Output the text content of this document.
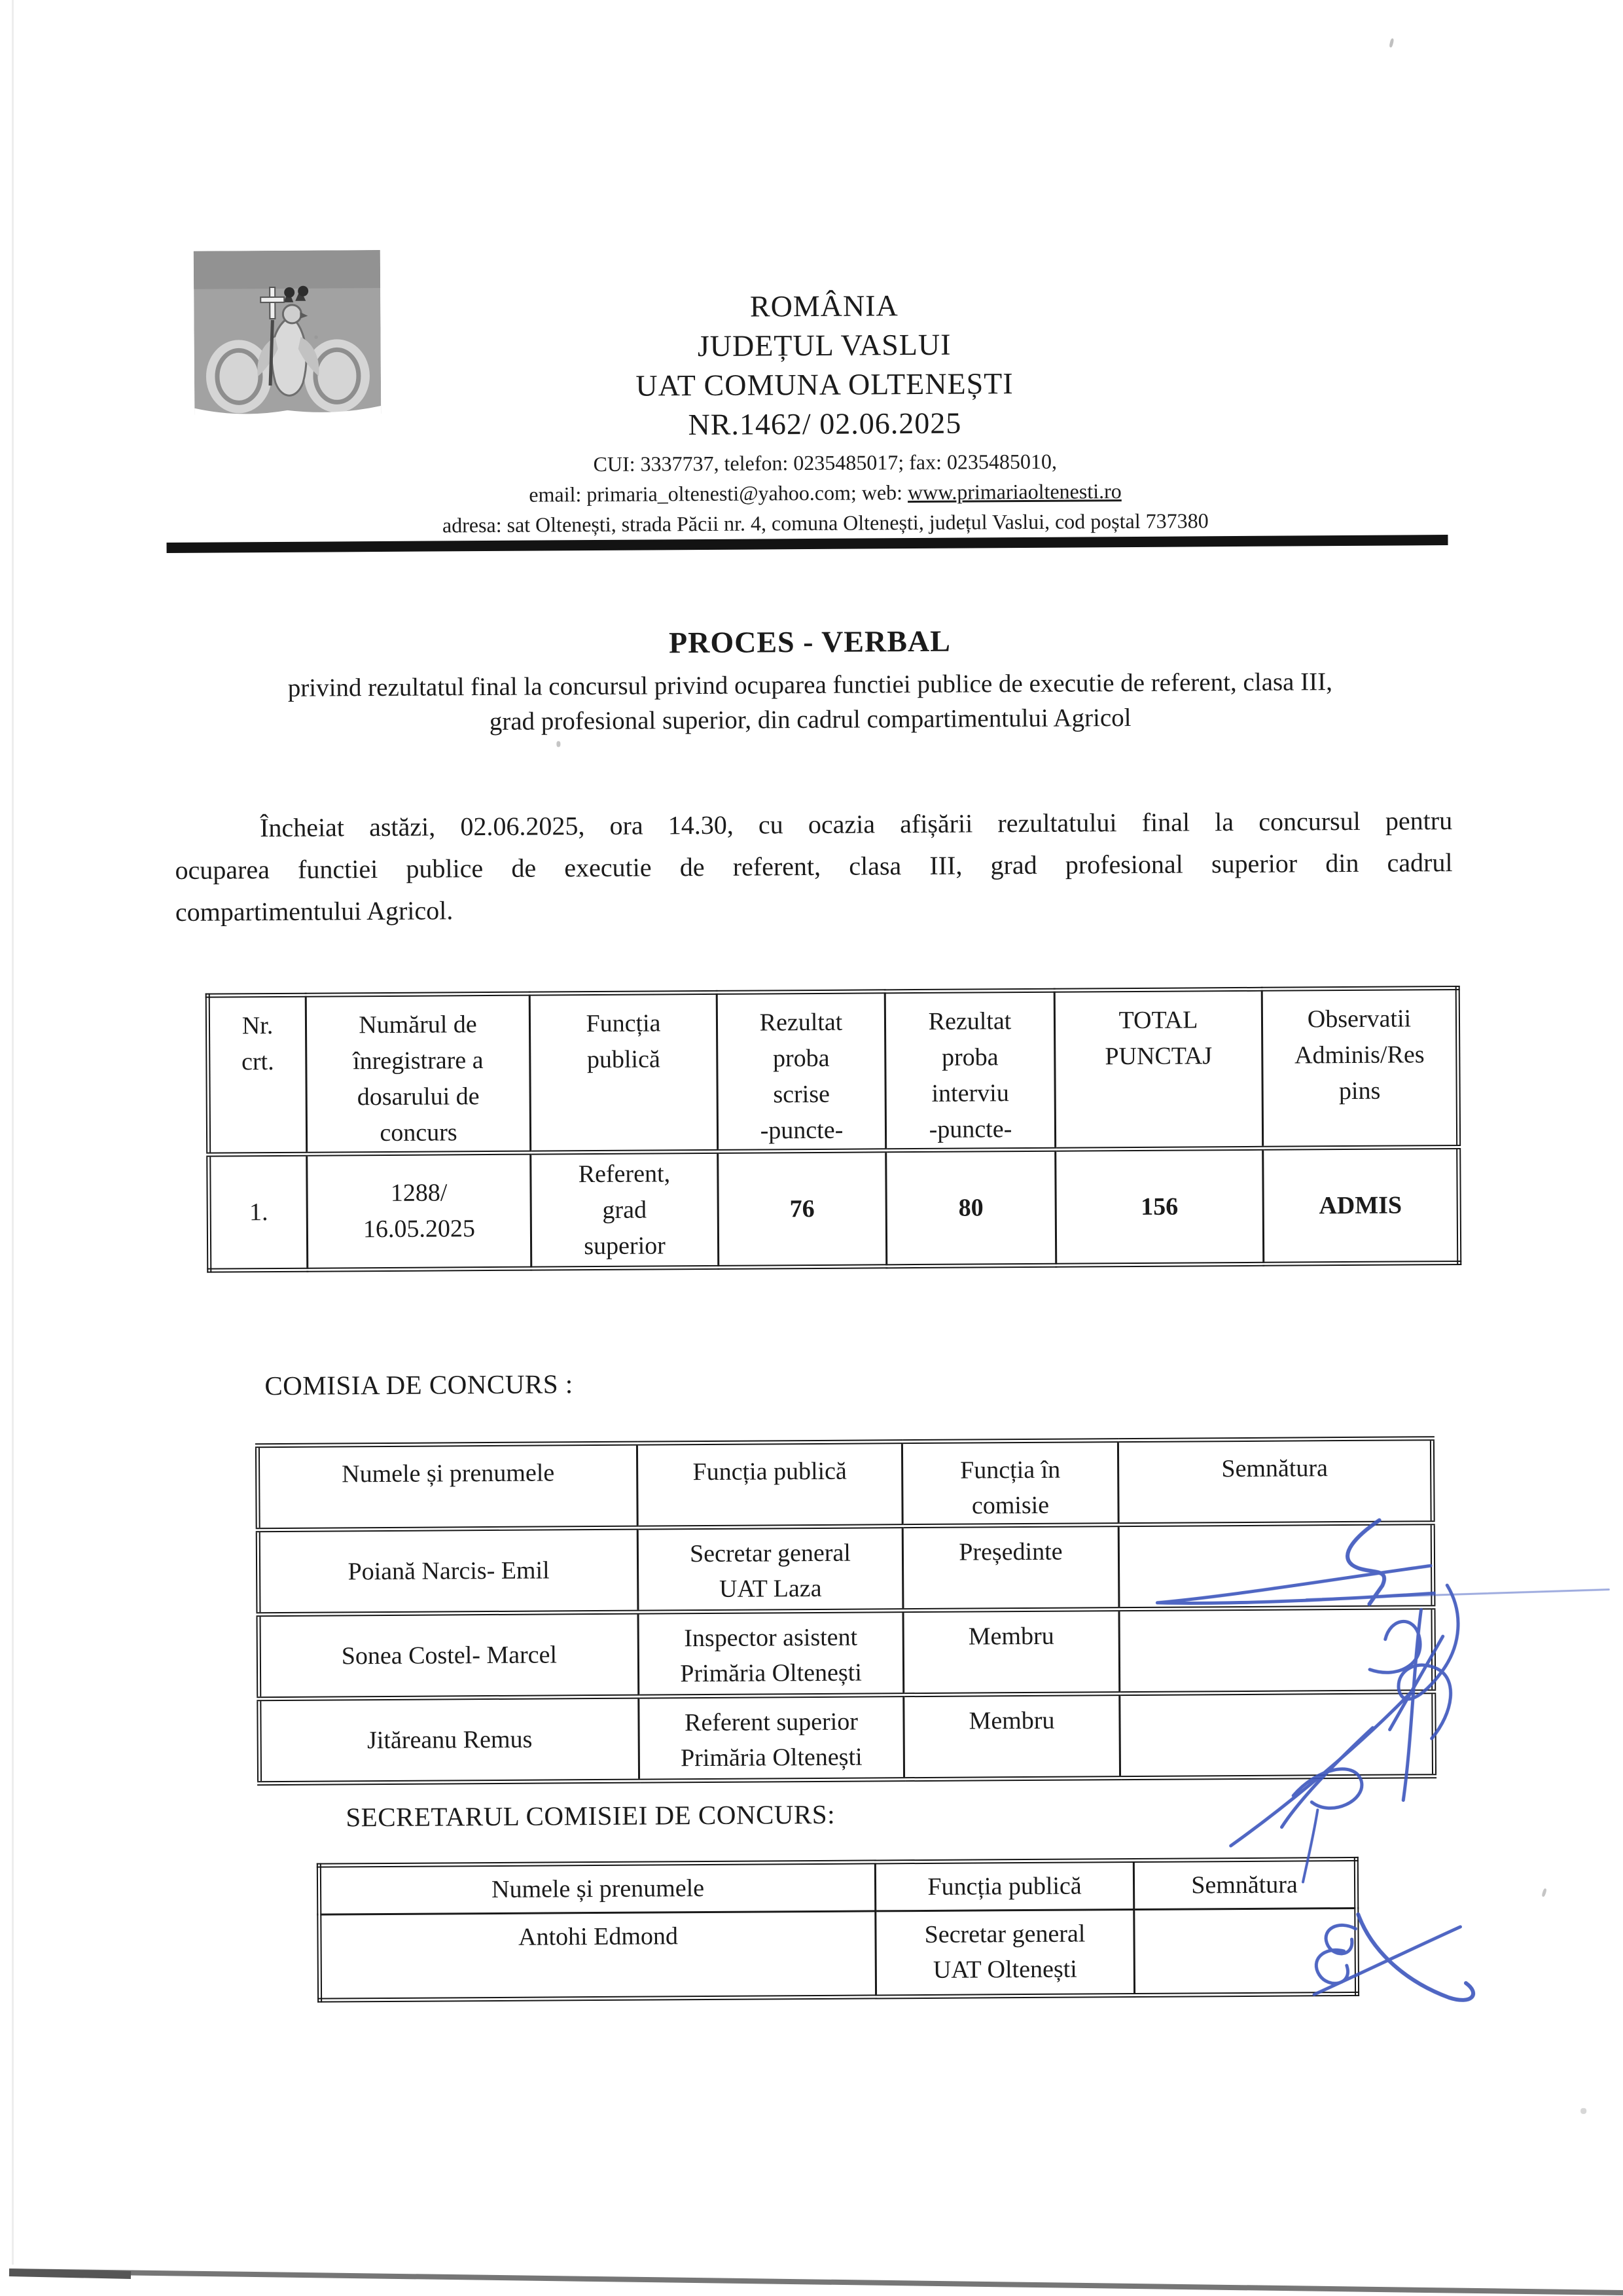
ROMÂNIA
JUDEȚUL VASLUI
UAT COMUNA OLTENEȘTI
NR.1462/ 02.06.2025
CUI: 3337737, telefon: 0235485017; fax: 0235485010,
email: primaria_oltenesti@yahoo.com; web: www.primariaoltenesti.ro
adresa: sat Oltenești, strada Păcii nr. 4, comuna Oltenești, județul Vaslui, cod poștal 737380
PROCES - VERBAL
privind rezultatul final la concursul privind ocuparea functiei publice de executie de referent, clasa III,
grad profesional superior, din cadrul compartimentului Agricol
Încheiat astăzi, 02.06.2025, ora 14.30, cu ocazia afișării rezultatului final la concursul pentru
ocuparea functiei publice de executie de referent, clasa III, grad profesional superior din cadrul
compartimentului Agricol.
Nr.
crt.	Numărul de
înregistrare a
dosarului de
concurs	Funcția
publică	Rezultat
proba
scrise
-puncte-	Rezultat
proba
interviu
-puncte-	TOTAL
PUNCTAJ	Observatii
Adminis/Res
pins

1.	1288/
16.05.2025	Referent,
grad
superior	76	80	156	ADMIS
COMISIA DE CONCURS :
Numele și prenumele	Funcția publică	Funcția în
comisie	Semnătura
Poiană Narcis- Emil	Secretar general
UAT Laza	Președinte	
Sonea Costel- Marcel	Inspector asistent
Primăria Oltenești	Membru	
Jităreanu Remus	Referent superior
Primăria Oltenești	Membru	
SECRETARUL COMISIEI DE CONCURS:
Numele și prenumele	Funcția publică	Semnătura
Antohi Edmond	Secretar general
UAT Oltenești	
